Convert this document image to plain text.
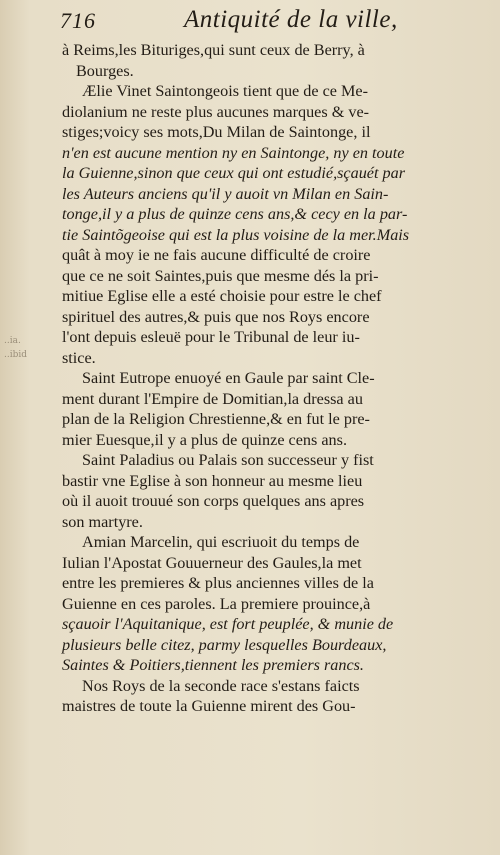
716	Antiquité de la ville,
..ia.
..ibid

à Reims,les Bituriges,qui sunt ceux de Berry, à
Bourges.

Ælie Vinet Saintongeois tient que de ce Me-
diolanium ne reste plus aucunes marques & ve-
stiges;voicy ses mots,Du Milan de Saintonge, il
n'en est aucune mention ny en Saintonge, ny en toute
la Guienne,sinon que ceux qui ont estudié,sçauét par
les Auteurs anciens qu'il y auoit vn Milan en Sain-
tonge,il y a plus de quinze cens ans,& cecy en la par-
tie Saintõgeoise qui est la plus voisine de la mer.Mais
quât à moy ie ne fais aucune difficulté de croire
que ce ne soit Saintes,puis que mesme dés la pri-
mitiue Eglise elle a esté choisie pour estre le chef
spirituel des autres,& puis que nos Roys encore
l'ont depuis esleuë pour le Tribunal de leur iu-
stice.

Saint Eutrope enuoyé en Gaule par saint Cle-
ment durant l'Empire de Domitian,la dressa au
plan de la Religion Chrestienne,& en fut le pre-
mier Euesque,il y a plus de quinze cens ans.

Saint Paladius ou Palais son successeur y fist
bastir vne Eglise à son honneur au mesme lieu
où il auoit trouué son corps quelques ans apres
son martyre.

Amian Marcelin, qui escriuoit du temps de
Iulian l'Apostat Gouuerneur des Gaules,la met
entre les premieres & plus anciennes villes de la
Guienne en ces paroles. La premiere prouince,à
sçauoir l'Aquitanique, est fort peuplée, & munie de
plusieurs belle citez, parmy lesquelles Bourdeaux,
Saintes & Poitiers,tiennent les premiers rancs.

Nos Roys de la seconde race s'estans faicts
maistres de toute la Guienne mirent des Gou-
